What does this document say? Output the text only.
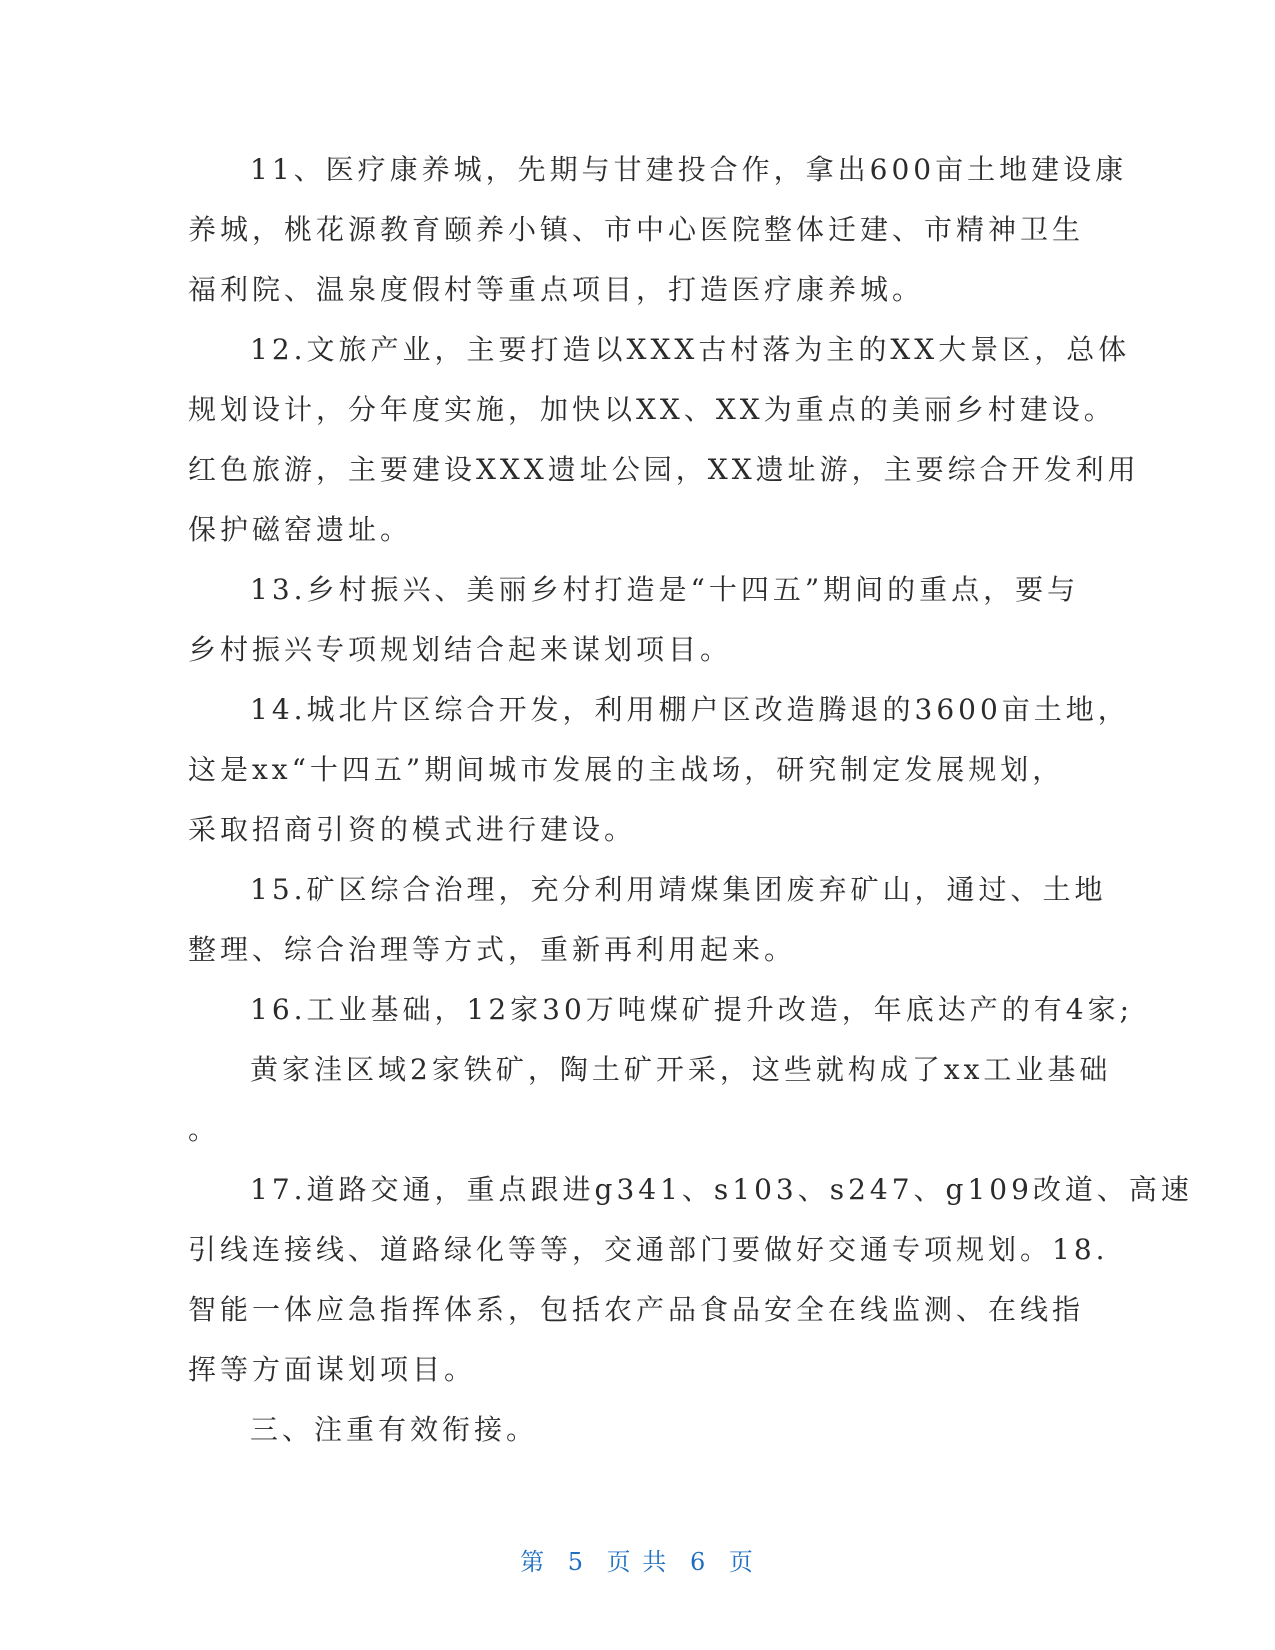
11、医疗康养城，先期与甘建投合作，拿出600亩土地建设康
养城，桃花源教育颐养小镇、市中心医院整体迁建、市精神卫生
福利院、温泉度假村等重点项目，打造医疗康养城。

12.文旅产业，主要打造以XXX古村落为主的XX大景区，总体
规划设计，分年度实施，加快以XX、XX为重点的美丽乡村建设。
红色旅游，主要建设XXX遗址公园，XX遗址游，主要综合开发利用
保护磁窑遗址。

13.乡村振兴、美丽乡村打造是“十四五”期间的重点，要与
乡村振兴专项规划结合起来谋划项目。

14.城北片区综合开发，利用棚户区改造腾退的3600亩土地，
这是xx“十四五”期间城市发展的主战场，研究制定发展规划，
采取招商引资的模式进行建设。

15.矿区综合治理，充分利用靖煤集团废弃矿山，通过、土地
整理、综合治理等方式，重新再利用起来。

16.工业基础，12家30万吨煤矿提升改造，年底达产的有4家;
黄家洼区域2家铁矿，陶土矿开采，这些就构成了xx工业基础
。

17.道路交通，重点跟进g341、s103、s247、g109改道、高速
引线连接线、道路绿化等等，交通部门要做好交通专项规划。18.
智能一体应急指挥体系，包括农产品食品安全在线监测、在线指
挥等方面谋划项目。

三、注重有效衔接。

第 5 页 共 6 页
